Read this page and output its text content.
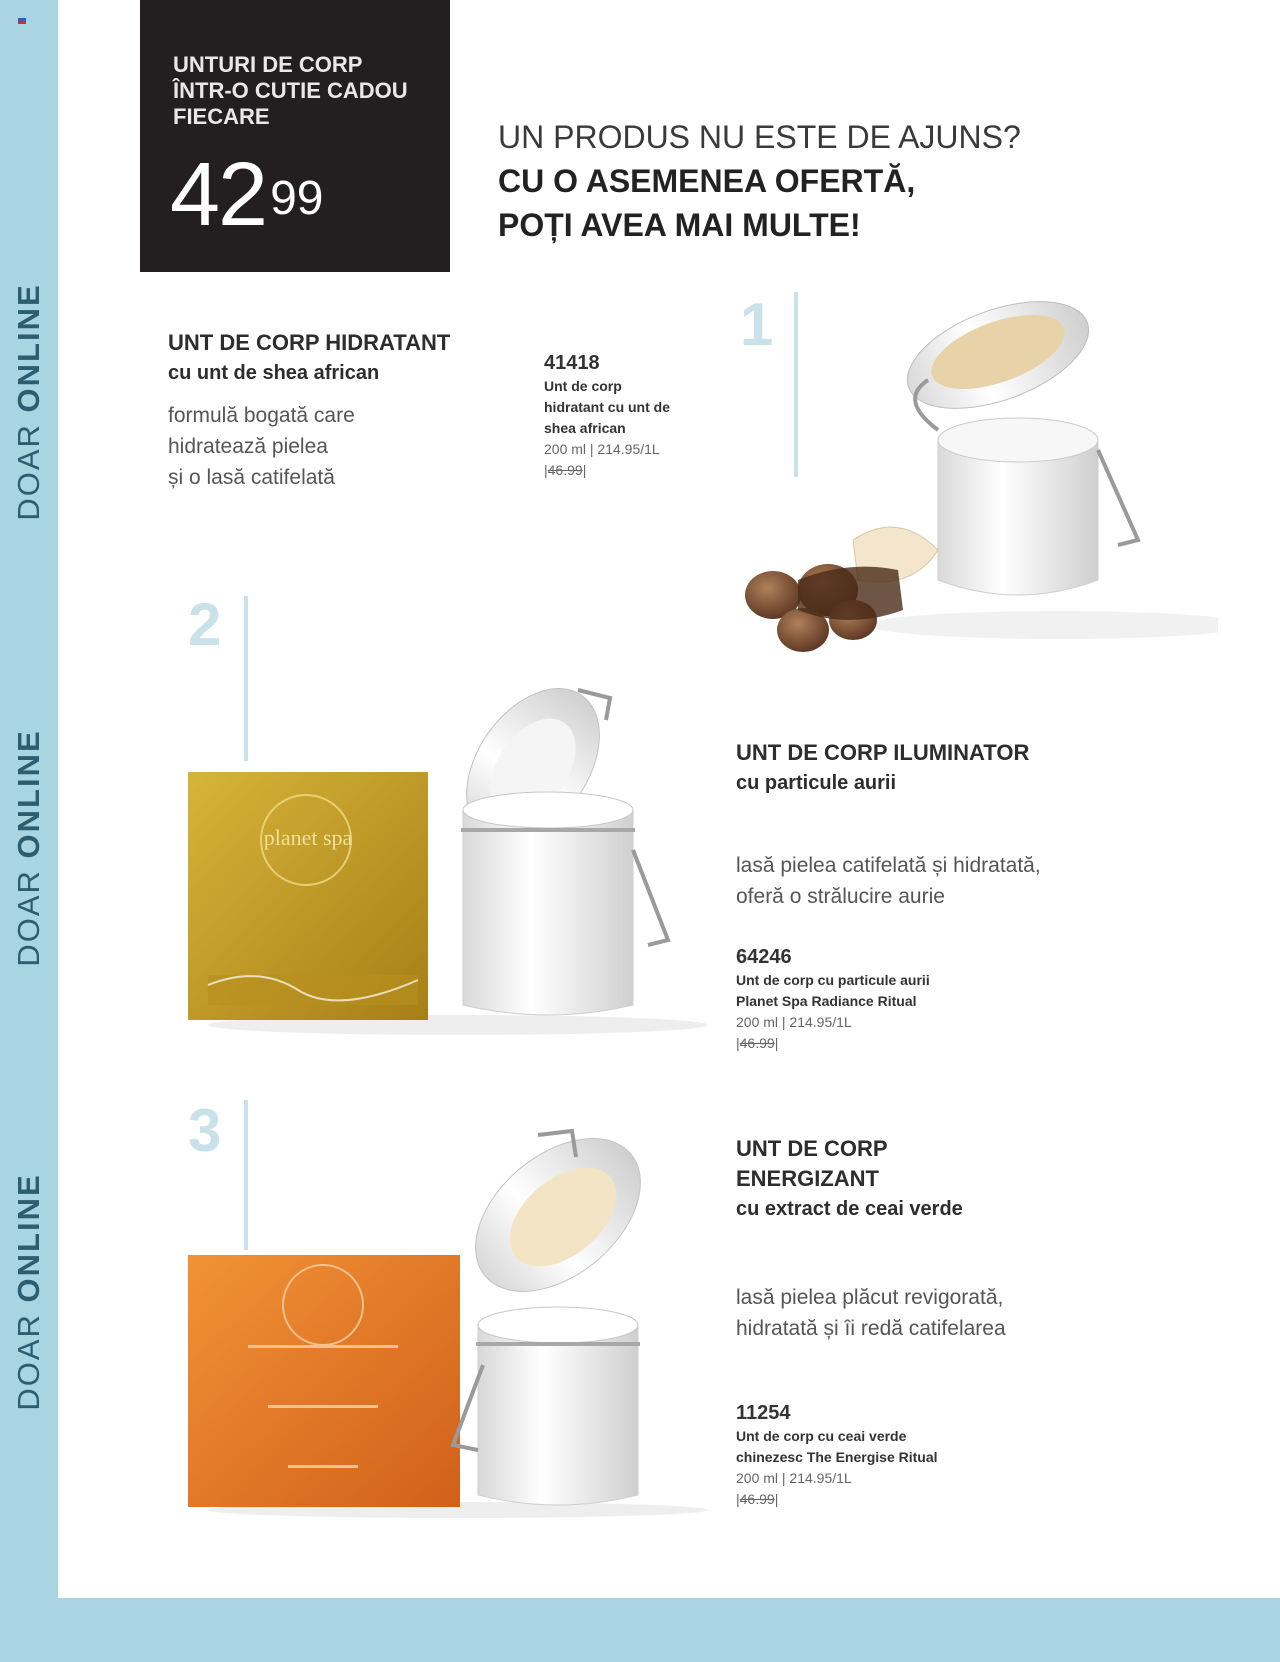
DOAR ONLINE
DOAR ONLINE
DOAR ONLINE
UNTURI DE CORP
ÎNTR-O CUTIE CADOU
FIECARE
$42^{99}$
UN PRODUS NU ESTE DE AJUNS?
CU O ASEMENEA OFERTĂ,
POȚI AVEA MAI MULTE!
1
UNT DE CORP HIDRATANT
cu unt de shea african
formulă bogată care
hidratează pielea
și o lasă catifelată
41418
Unt de corp
hidratant cu unt de
shea african
200 ml | 214.95/1L
|46.99|
2
planet spa
UNT DE CORP ILUMINATOR
cu particule aurii
lasă pielea catifelată și hidratată,
oferă o strălucire aurie
64246
Unt de corp cu particule aurii
Planet Spa Radiance Ritual
200 ml | 214.95/1L
|46.99|
3	UNT DE CORP
ENERGIZANT
cu extract de ceai verde
lasă pielea plăcut revigorată,
hidratată și îi redă catifelarea
11254
Unt de corp cu ceai verde
chinezesc The Energise Ritual
200 ml | 214.95/1L
|46.99|
